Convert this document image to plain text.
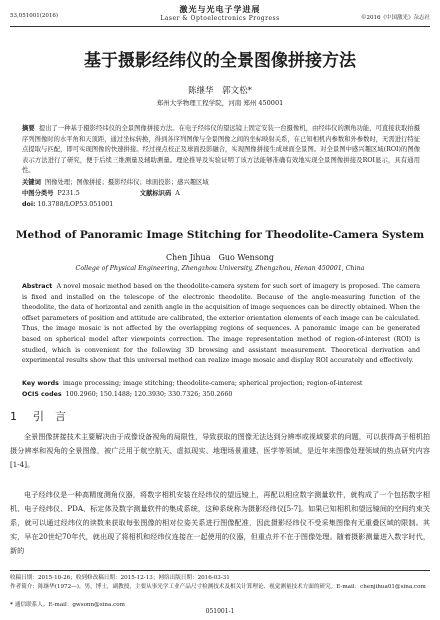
53,051001(2016)
激光与光电子学进展
Laser & Optoelectronics Progress	©2016《中国激光》杂志社
基于摄影经纬仪的全景图像拼接方法
陈继华　郭文松*
郑州大学物理工程学院，河南 郑州 450001
摘要 提出了一种基于摄影经纬仪的全景图像拼接方法。在电子经纬仪的望远镜上固定安装一台摄像机，由经纬仪的测角功能，可直接获取拍摄序列图像时的水平角和天顶距，通过坐标转换，得到各序列图像与全景图像之间的坐标映射关系，在已知相机内参数和外参数时，无需进行特征点提取与匹配，即可实现图像的快速拼接。经过视点校正及球面投影融合，实现图像拼接生成球面全景图。对全景图中感兴趣区域(ROI)的图像表示方法进行了研究，便于后续三维测量及辅助测量。理论推导及实验证明了该方法能够准确有效地实现全景图像拼接及ROI显示，具有通用性。
关键词 图像处理；图像拼接；摄影经纬仪；球面投影；感兴趣区域
中图分类号 P231.5	文献标识码 A
doi: 10.3788/LOP53.051001
Method of Panoramic Image Stitching for Theodolite-Camera System
Chen Jihua　Guo Wensong
College of Physical Engineering, Zhengzhou University, Zhengzhou, Henan 450001, China
Abstract A novel mosaic method based on the theodolite-camera system for such sort of imagery is proposed. The camera is fixed and installed on the telescope of the electronic theodolite. Because of the angle-measuring function of the theodolite, the data of horizontal and zenith angle in the acquisition of image sequences can be directly obtained. When the offset parameters of position and attitude are calibrated, the exterior orientation elements of each image can be calculated. Thus, the image mosaic is not affected by the overlapping regions of sequences. A panoramic image can be generated based on spherical model after viewpoints correction. The image representation method of region-of-interest (ROI) is studied, which is convenient for the following 3D browsing and assistant measurement. Theoretical derivation and experimental results show that this universal method can realize image mosaic and display ROI accurately and effectively.
Key words image processing; image stitching; theodolite-camera; spherical projection; region-of-interest
OCIS codes 100.2960; 150.1488; 120.3930; 330.7326; 350.2660
1 引　言
全景图像拼接技术主要解决由于成像设备视角的局限性，导致获取的图像无法达到分辨率或视域要求的问题，可以获得高于相机拍摄分辨率和视角的全景图像，被广泛用于航空航天、虚拟现实、地理场景重建、医学等领域，是近年来图像处理领域的热点研究内容[1-4]。
电子经纬仪是一种高精度测角仪器，将数字相机安装在经纬仪的望远镜上，再配以相应数字测量软件，就构成了一个包括数字相机、电子经纬仪、PDA、标定体及数字测量软件的集成系统，这种系统称为摄影经纬仪[5-7]。如果已知相机和望远镜间的空间约束关系，就可以通过经纬仪的读数来获取每张图像的相对位姿关系进行图像配准，因此摄影经纬仪不受采集图像有无重叠区域的限制。其实，早在20世纪70年代，就出现了将相机和经纬仪连接在一起使用的仪器，但重点并不在于图像处理。随着摄影测量进入数字时代，新的
收稿日期：2015-10-26；收到修改稿日期：2015-12-13；网络出版日期：2016-03-31
作者简介：陈继华(1972—)，男，博士，副教授，主要从事光学工业产品尺寸检测技术及相关计算理论、视觉测量技术方面的研究。E-mail：chenjihua01@sina.com
* 通信联系人。E-mail：gwsonn@sina.com
051001-1
